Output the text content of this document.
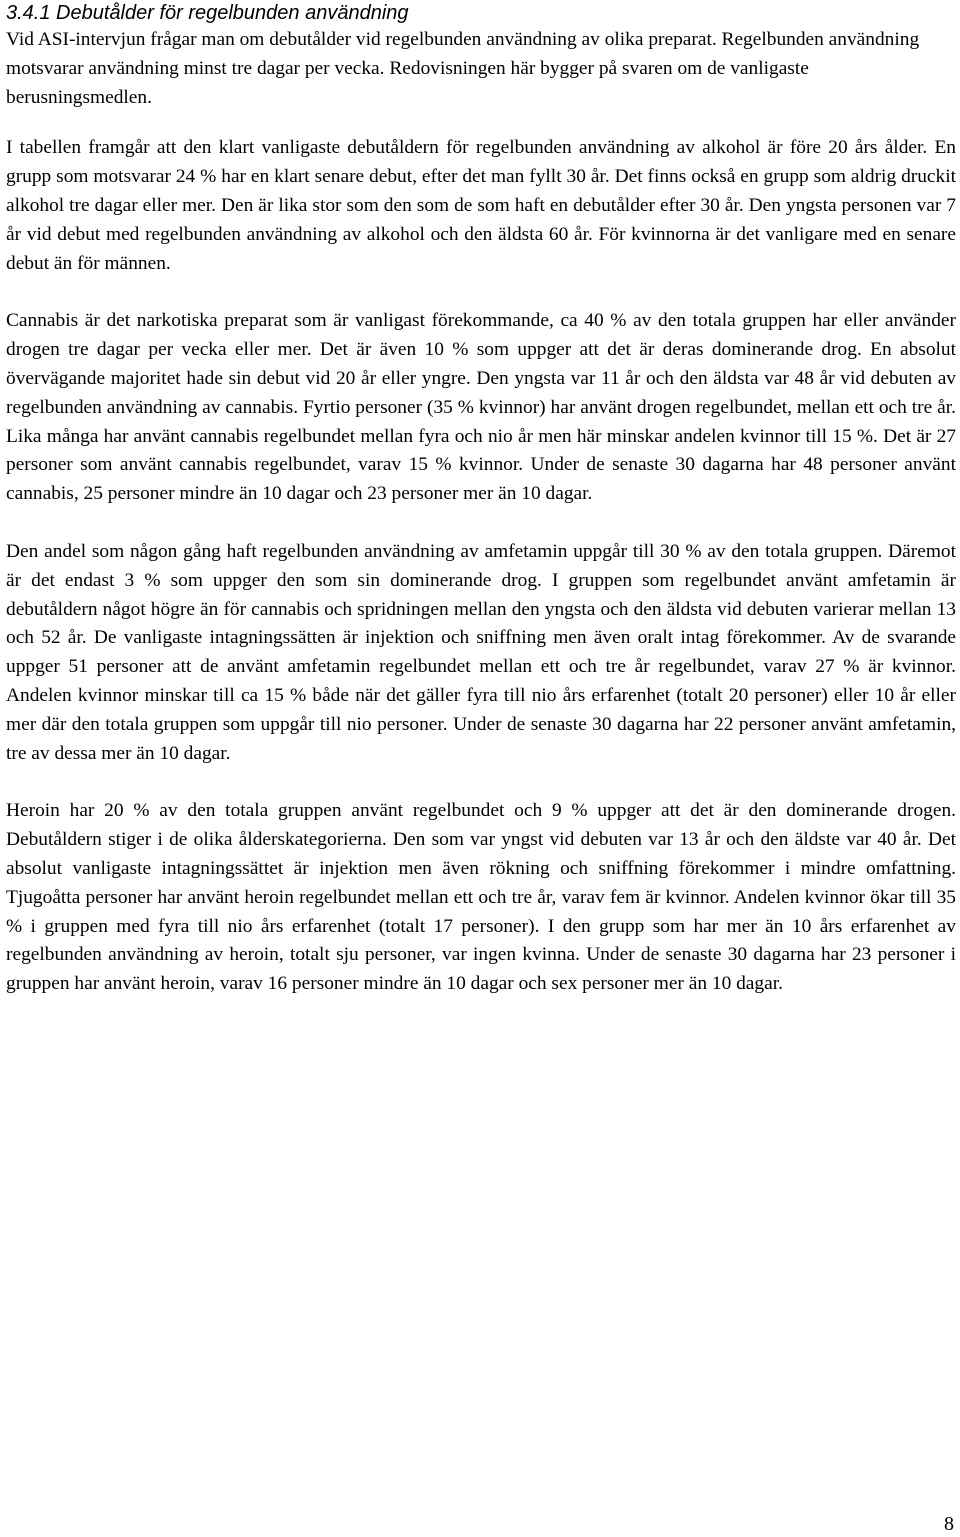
3.4.1 Debutålder för regelbunden användning

Vid ASI-intervjun frågar man om debutålder vid regelbunden användning av olika preparat. Regelbunden användning motsvarar användning minst tre dagar per vecka. Redovisningen här bygger på svaren om de vanligaste berusningsmedlen.

I tabellen framgår att den klart vanligaste debutåldern för regelbunden användning av alkohol är före 20 års ålder. En grupp som motsvarar 24 % har en klart senare debut, efter det man fyllt 30 år. Det finns också en grupp som aldrig druckit alkohol tre dagar eller mer. Den är lika stor som den som de som haft en debutålder efter 30 år. Den yngsta personen var 7 år vid debut med regelbunden användning av alkohol och den äldsta 60 år. För kvinnorna är det vanligare med en senare debut än för männen.

Cannabis är det narkotiska preparat som är vanligast förekommande, ca 40 % av den totala gruppen har eller använder drogen tre dagar per vecka eller mer. Det är även 10 % som uppger att det är deras dominerande drog. En absolut övervägande majoritet hade sin debut vid 20 år eller yngre. Den yngsta var 11 år och den äldsta var 48 år vid debuten av regelbunden användning av cannabis. Fyrtio personer (35 % kvinnor) har använt drogen regelbundet, mellan ett och tre år. Lika många har använt cannabis regelbundet mellan fyra och nio år men här minskar andelen kvinnor till 15 %. Det är 27 personer som använt cannabis regelbundet, varav 15 % kvinnor. Under de senaste 30 dagarna har 48 personer använt cannabis, 25 personer mindre än 10 dagar och 23 personer mer än 10 dagar.

Den andel som någon gång haft regelbunden användning av amfetamin uppgår till 30 % av den totala gruppen. Däremot är det endast 3 % som uppger den som sin dominerande drog. I gruppen som regelbundet använt amfetamin är debutåldern något högre än för cannabis och spridningen mellan den yngsta och den äldsta vid debuten varierar mellan 13 och 52 år. De vanligaste intagningssätten är injektion och sniffning men även oralt intag förekommer. Av de svarande uppger 51 personer att de använt amfetamin regelbundet mellan ett och tre år regelbundet, varav 27 % är kvinnor. Andelen kvinnor minskar till ca 15 % både när det gäller fyra till nio års erfarenhet (totalt 20 personer) eller 10 år eller mer där den totala gruppen som uppgår till nio personer. Under de senaste 30 dagarna har 22 personer använt amfetamin, tre av dessa mer än 10 dagar.

Heroin har 20 % av den totala gruppen använt regelbundet och 9 % uppger att det är den dominerande drogen. Debutåldern stiger i de olika ålderskategorierna. Den som var yngst vid debuten var 13 år och den äldste var 40 år. Det absolut vanligaste intagningssättet är injektion men även rökning och sniffning förekommer i mindre omfattning. Tjugoåtta personer har använt heroin regelbundet mellan ett och tre år, varav fem är kvinnor. Andelen kvinnor ökar till 35 % i gruppen med fyra till nio års erfarenhet (totalt 17 personer). I den grupp som har mer än 10 års erfarenhet av regelbunden användning av heroin, totalt sju personer, var ingen kvinna. Under de senaste 30 dagarna har 23 personer i gruppen har använt heroin, varav 16 personer mindre än 10 dagar och sex personer mer än 10 dagar.

8
